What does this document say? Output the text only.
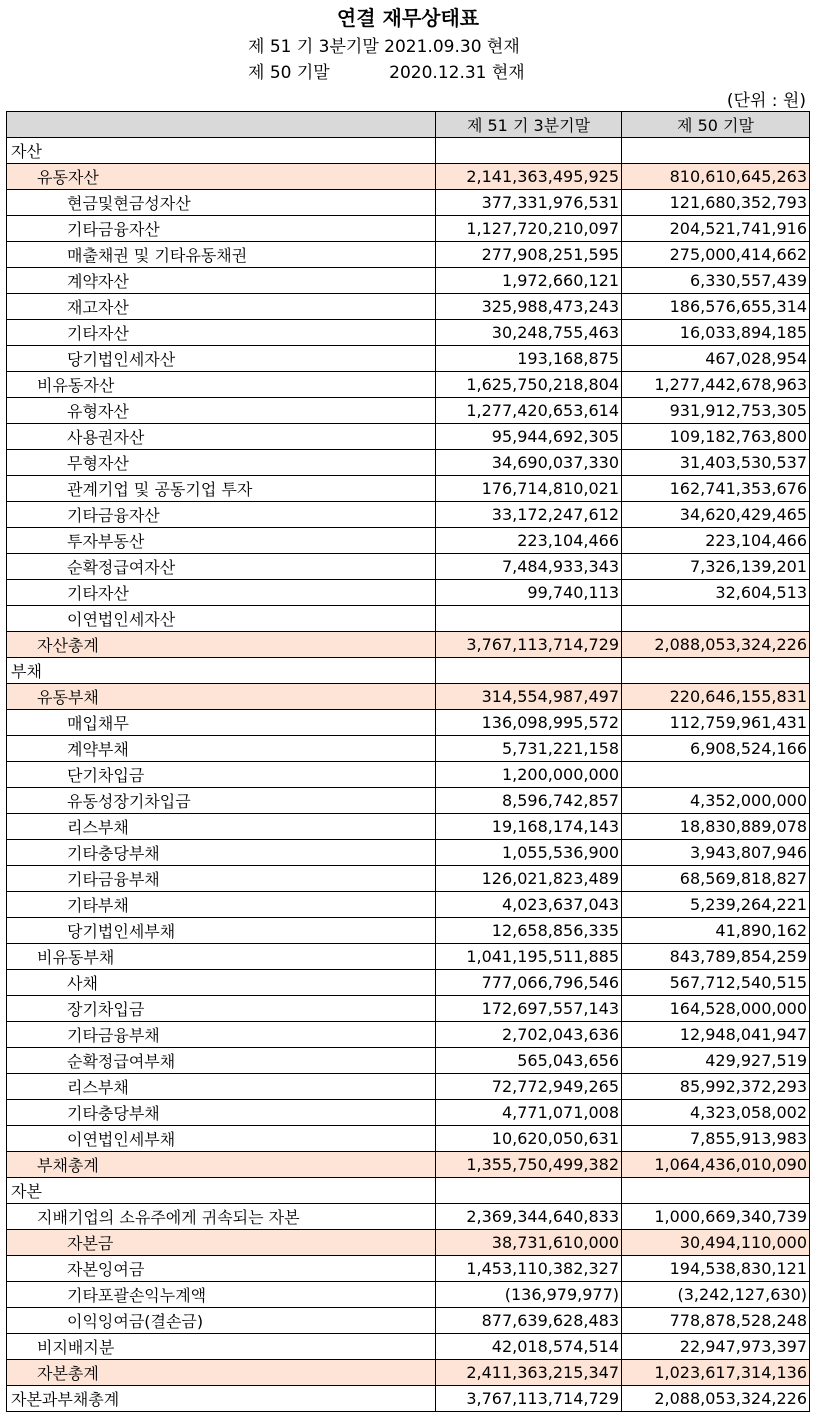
연결 재무상태표
제 51 기 3분기말 2021.09.30 현재
제 50 기말           2020.12.31 현재
(단위 : 원)
	제 51 기 3분기말	제 50 기말
자산		
유동자산	2,141,363,495,925	810,610,645,263
현금및현금성자산	377,331,976,531	121,680,352,793
기타금융자산	1,127,720,210,097	204,521,741,916
매출채권 및 기타유동채권	277,908,251,595	275,000,414,662
계약자산	1,972,660,121	6,330,557,439
재고자산	325,988,473,243	186,576,655,314
기타자산	30,248,755,463	16,033,894,185
당기법인세자산	193,168,875	467,028,954
비유동자산	1,625,750,218,804	1,277,442,678,963
유형자산	1,277,420,653,614	931,912,753,305
사용권자산	95,944,692,305	109,182,763,800
무형자산	34,690,037,330	31,403,530,537
관계기업 및 공동기업 투자	176,714,810,021	162,741,353,676
기타금융자산	33,172,247,612	34,620,429,465
투자부동산	223,104,466	223,104,466
순확정급여자산	7,484,933,343	7,326,139,201
기타자산	99,740,113	32,604,513
이연법인세자산		
자산총계	3,767,113,714,729	2,088,053,324,226
부채		
유동부채	314,554,987,497	220,646,155,831
매입채무	136,098,995,572	112,759,961,431
계약부채	5,731,221,158	6,908,524,166
단기차입금	1,200,000,000	
유동성장기차입금	8,596,742,857	4,352,000,000
리스부채	19,168,174,143	18,830,889,078
기타충당부채	1,055,536,900	3,943,807,946
기타금융부채	126,021,823,489	68,569,818,827
기타부채	4,023,637,043	5,239,264,221
당기법인세부채	12,658,856,335	41,890,162
비유동부채	1,041,195,511,885	843,789,854,259
사채	777,066,796,546	567,712,540,515
장기차입금	172,697,557,143	164,528,000,000
기타금융부채	2,702,043,636	12,948,041,947
순확정급여부채	565,043,656	429,927,519
리스부채	72,772,949,265	85,992,372,293
기타충당부채	4,771,071,008	4,323,058,002
이연법인세부채	10,620,050,631	7,855,913,983
부채총계	1,355,750,499,382	1,064,436,010,090
자본		
지배기업의 소유주에게 귀속되는 자본	2,369,344,640,833	1,000,669,340,739
자본금	38,731,610,000	30,494,110,000
자본잉여금	1,453,110,382,327	194,538,830,121
기타포괄손익누계액	(136,979,977)	(3,242,127,630)
이익잉여금(결손금)	877,639,628,483	778,878,528,248
비지배지분	42,018,574,514	22,947,973,397
자본총계	2,411,363,215,347	1,023,617,314,136
자본과부채총계	3,767,113,714,729	2,088,053,324,226
